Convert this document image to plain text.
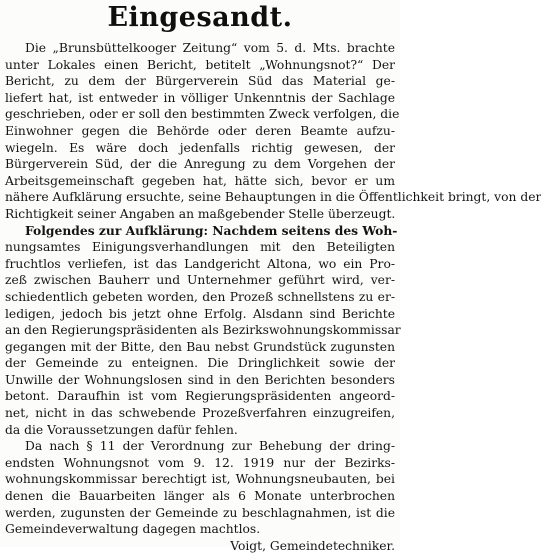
Eingesandt.
Die „Brunsbüttelkooger Zeitung“ vom 5. d. Mts. brachte
unter Lokales einen Bericht, betitelt „Wohnungsnot?“ Der
Bericht, zu dem der Bürgerverein Süd das Material ge-
liefert hat, ist entweder in völliger Unkenntnis der Sachlage
geschrieben, oder er soll den bestimmten Zweck verfolgen, die
Einwohner gegen die Behörde oder deren Beamte aufzu-
wiegeln. Es wäre doch jedenfalls richtig gewesen, der
Bürgerverein Süd, der die Anregung zu dem Vorgehen der
Arbeitsgemeinschaft gegeben hat, hätte sich, bevor er um
nähere Aufklärung ersuchte, seine Behauptungen in die Öffentlichkeit bringt, von der
Richtigkeit seiner Angaben an maßgebender Stelle überzeugt.
Folgendes zur Aufklärung: Nachdem seitens des Woh-
nungsamtes Einigungsverhandlungen mit den Beteiligten
fruchtlos verliefen, ist das Landgericht Altona, wo ein Pro-
zeß zwischen Bauherr und Unternehmer geführt wird, ver-
schiedentlich gebeten worden, den Prozeß schnellstens zu er-
ledigen, jedoch bis jetzt ohne Erfolg. Alsdann sind Berichte
an den Regierungspräsidenten als Bezirkswohnungskommissar
gegangen mit der Bitte, den Bau nebst Grundstück zugunsten
der Gemeinde zu enteignen. Die Dringlichkeit sowie der
Unwille der Wohnungslosen sind in den Berichten besonders
betont. Daraufhin ist vom Regierungspräsidenten angeord-
net, nicht in das schwebende Prozeßverfahren einzugreifen,
da die Voraussetzungen dafür fehlen.
Da nach § 11 der Verordnung zur Behebung der dring-
endsten Wohnungsnot vom 9. 12. 1919 nur der Bezirks-
wohnungskommissar berechtigt ist, Wohnungsneubauten, bei
denen die Bauarbeiten länger als 6 Monate unterbrochen
werden, zugunsten der Gemeinde zu beschlagnahmen, ist die
Gemeindeverwaltung dagegen machtlos.
Voigt, Gemeindetechniker.
